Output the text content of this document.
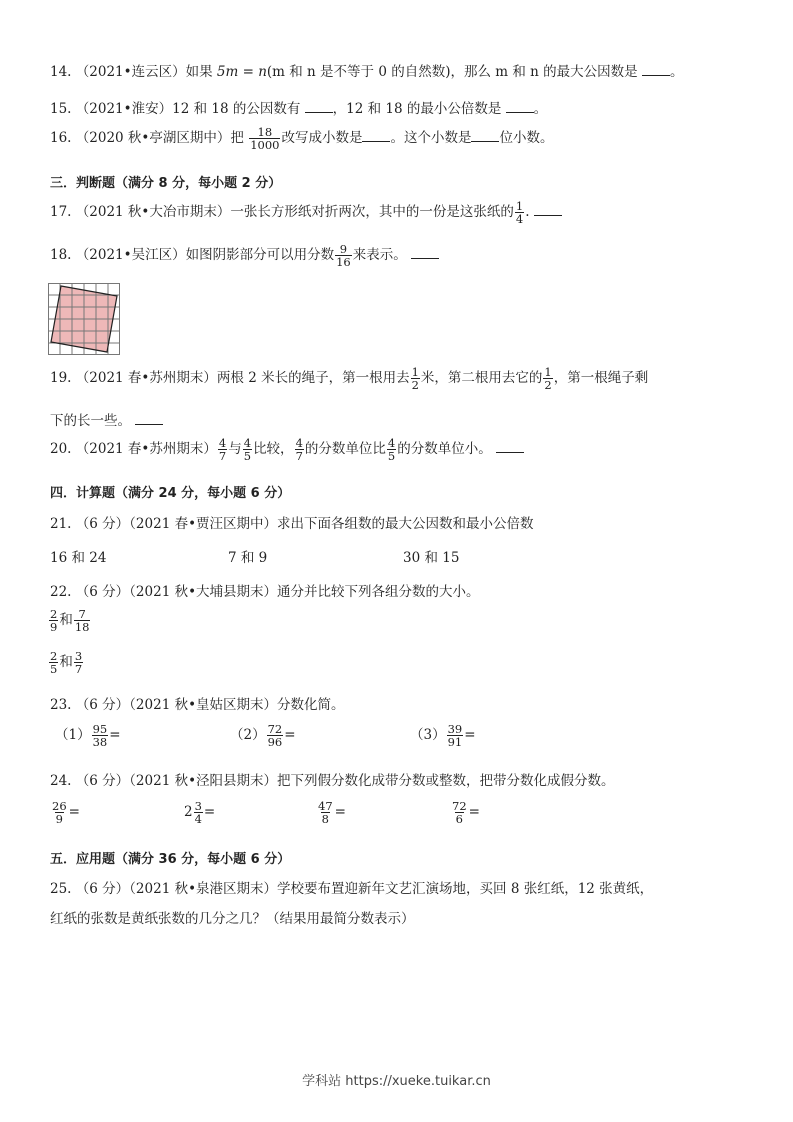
14. （2021•连云区）如果 5m = n(m 和 n 是不等于 0 的自然数)，那么 m 和 n 的最大公因数是 。
15. （2021•淮安）12 和 18 的公因数有 ，12 和 18 的最小公倍数是 。
16. （2020 秋•亭湖区期中）把 $\frac{18}{1000}$ 改写成小数是 。这个小数是 位小数。
三．判断题（满分 8 分，每小题 2 分）
17. （2021 秋•大冶市期末）一张长方形纸对折两次，其中的一份是这张纸的 $\frac{1}{4}$ .
18. （2021•吴江区）如图阴影部分可以用分数 $\frac{9}{16}$ 来表示。
19. （2021 春•苏州期末）两根 2 米长的绳子，第一根用去 $\frac{1}{2}$ 米，第二根用去它的 $\frac{1}{2}$ ，第一根绳子剩
下的长一些。
20. （2021 春•苏州期末） $\frac{4}{7}$ 与 $\frac{4}{5}$ 比较， $\frac{4}{7}$ 的分数单位比 $\frac{4}{5}$ 的分数单位小。
四．计算题（满分 24 分，每小题 6 分）
21. （6 分）（2021 春•贾汪区期中）求出下面各组数的最大公因数和最小公倍数
16 和 24	7 和 9	30 和 15
22. （6 分）（2021 秋•大埔县期末）通分并比较下列各组分数的大小。
$\frac{2}{9}$ 和 $\frac{7}{18}$
$\frac{2}{5}$ 和 $\frac{3}{7}$
23. （6 分）（2021 秋•皇姑区期末）分数化简。
$(1) \frac{95}{38}$ =	$(2) \frac{72}{96}$ =	$(3) \frac{39}{91}$ =
24. （6 分）（2021 秋•泾阳县期末）把下列假分数化成带分数或整数，把带分数化成假分数。
$\frac{26}{9}$ =	$2 \frac{3}{4}$ =	$\frac{47}{8}$ =	$\frac{72}{6}$ =
五．应用题（满分 36 分，每小题 6 分）
25. （6 分）（2021 秋•泉港区期末）学校要布置迎新年文艺汇演场地，买回 8 张红纸，12 张黄纸，
红纸的张数是黄纸张数的几分之几？（结果用最简分数表示）
学科站 https://xueke.tuikar.cn
